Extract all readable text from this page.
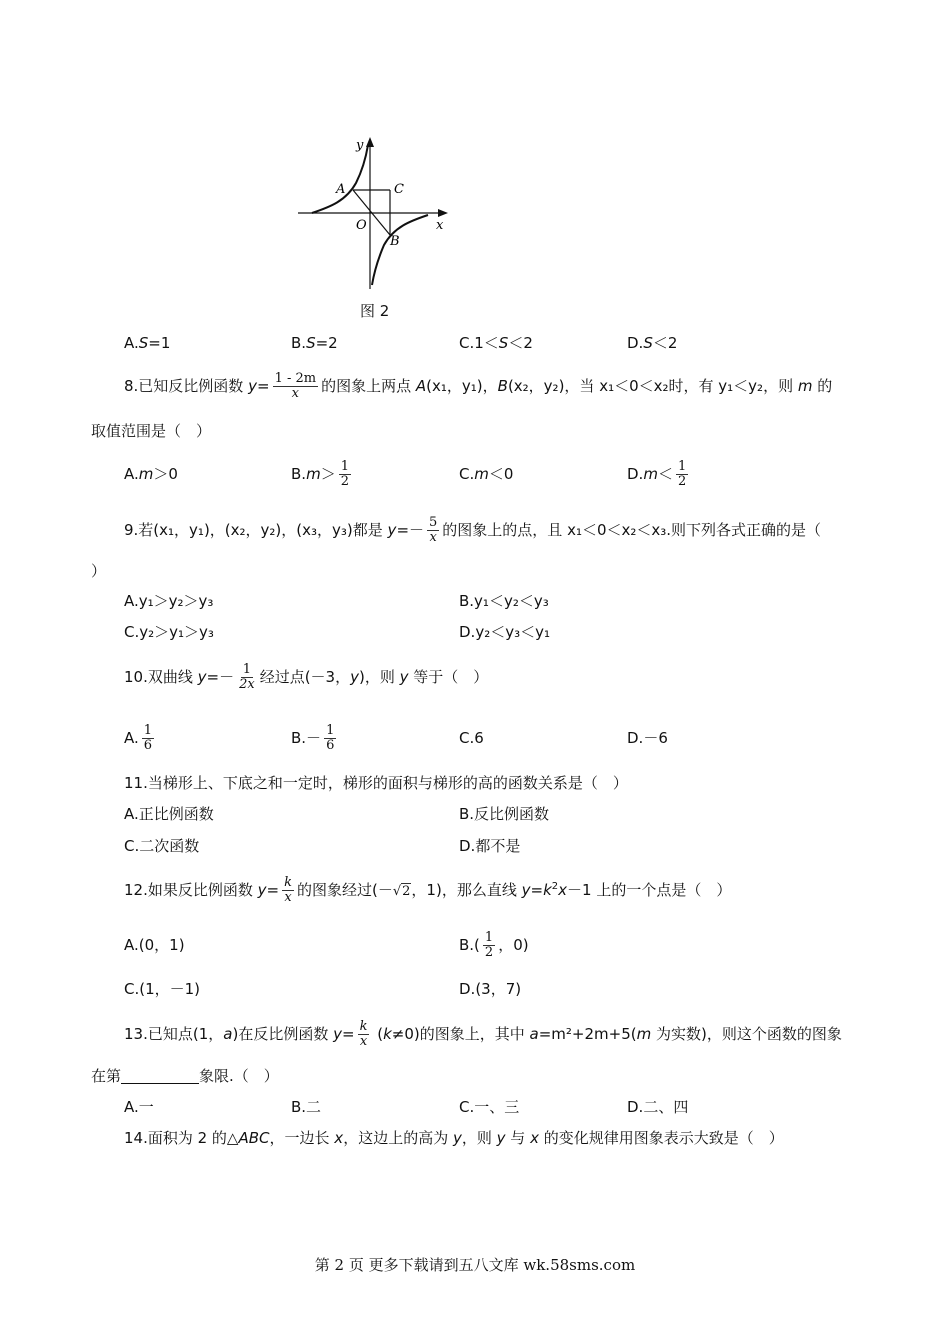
y
x
O
A	C
B
图 2
A.S=1	B.S=2	C.1＜S＜2	D.S＜2
8.已知反比例函数 $y= \frac{1 - 2m}{x}$ 的图象上两点 A(x₁，y₁)，B(x₂，y₂)，当 x₁＜0＜x₂时，有 y₁＜y₂，则 m 的
取值范围是（　）
A.m＞0	$B.m> \frac{1}{2}$	C.m＜0	$D.m< \frac{1}{2}$
9.若(x₁，y₁)，(x₂，y₂)，(x₃，y₃)都是 $y=- \frac{5}{x}$ 的图象上的点，且 x₁＜0＜x₂＜x₃.则下列各式正确的是（
）
A.y₁＞y₂＞y₃	B.y₁＜y₂＜y₃
C.y₂＞y₁＞y₃	D.y₂＜y₃＜y₁
10.双曲线 $y=- \frac{1}{2x}$ 经过点(－3，y)，则 y 等于（　）
A. $\frac{1}{6}$	$B.- \frac{1}{6}$	C.6	D.－6
11.当梯形上、下底之和一定时，梯形的面积与梯形的高的函数关系是（　）
A.正比例函数	B.反比例函数
C.二次函数	D.都不是
12.如果反比例函数 $y= \frac{k}{x}$ 的图象经过(－√2，1)，那么直线 $y=k^2x-1$ 上的一个点是（　）
A.(0，1)	$B.( \frac{1}{2}$ ，0)
C.(1，－1)	D.(3，7)
13.已知点(1，a)在反比例函数 $y= \frac{k}{x} (k\ne 0)$的图象上，其中 a=m²+2m+5(m 为实数)，则这个函数的图象
在第	象限.（　）
A.一	B.二	C.一、三	D.二、四
14.面积为 2 的△ABC，一边长 x，这边上的高为 y，则 y 与 x 的变化规律用图象表示大致是（　）
第 2 页 更多下载请到五八文库 wk.58sms.com
